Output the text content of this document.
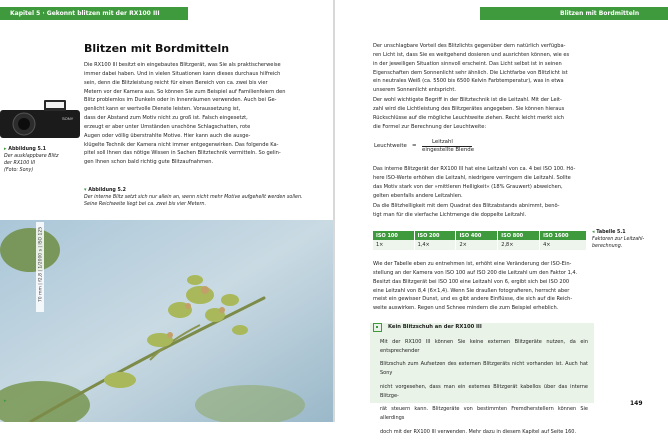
Kapitel 5 · Gekonnt blitzen mit der RX100 III
Blitzen mit Bordmitteln

Die RX100 III besitzt ein eingebautes Blitzgerät, was Sie als praktischerweise

immer dabei haben. Und in vielen Situationen kann dieses durchaus hilfreich

sein, denn die Blitzleistung reicht für einen Bereich von ca. zwei bis vier

Metern vor der Kamera aus. So können Sie zum Beispiel auf Familienfeiern den

Blitz problemlos im Dunkeln oder in Innenräumen verwenden. Auch bei Ge-

genlicht kann er wertvolle Dienste leisten. Voraussetzung ist,

dass der Abstand zum Motiv nicht zu groß ist. Falsch eingesetzt,

erzeugt er aber unter Umständen unschöne Schlagschatten, rote

Augen oder völlig überstrahlte Motive. Hier kann auch die ausge-

klügelte Technik der Kamera nicht immer entgegenwirken. Das folgende Ka-

pitel soll Ihnen das nötige Wissen in Sachen Blitztechnik vermitteln. So gelin-

gen Ihnen schon bald richtig gute Blitzaufnahmen.

SONY
▸ Abbildung 5.1
Der ausklappbare Blitz
der RX100 III
(Foto: Sony)
▾ Abbildung 5.2
Der interne Blitz setzt sich nur allein an, wenn nicht mehr Motive aufgehellt werden sollen.
Seine Reichweite liegt bei ca. zwei bis vier Metern.
70 mm | f2,8 | 1/2000 s | ISO 125
▸
Blitzen mit Bordmitteln

Der unschlagbare Vorteil des Blitzlichts gegenüber dem natürlich verfügba-

ren Licht ist, dass Sie es weitgehend dosieren und ausrichten können, wie es

in der jeweiligen Situation sinnvoll erscheint. Das Licht selbst ist in seinen

Eigenschaften dem Sonnenlicht sehr ähnlich. Die Lichtfarbe von Blitzlicht ist

ein neutrales Weiß (ca. 5500 bis 6500 Kelvin Farbtemperatur), was in etwa

unserem Sonnenlicht entspricht.

Der wohl wichtigste Begriff in der Blitztechnik ist die Leitzahl. Mit der Leit-

zahl wird die Lichtleistung des Blitzgerätes angegeben. Sie können hieraus

Rückschlüsse auf die mögliche Leuchtweite ziehen. Recht leicht merkt sich

die Formel zur Berechnung der Leuchtweite:

Leuchtweite =
Leitzahl
eingestellte Blende

Das interne Blitzgerät der RX100 III hat eine Leitzahl von ca. 4 bei ISO 100. Hö-

here ISO-Werte erhöhen die Leitzahl, niedrigere verringern die Leitzahl. Sollte

das Motiv stark von der »mittleren Helligkeit« (18% Grauwert) abweichen,

gelten ebenfalls andere Leitzahlen.

Da die Blitzhelligkeit mit dem Quadrat des Blitzabstands abnimmt, benö-

tigt man für die vierfache Lichtmenge die doppelte Leitzahl.

ISO 100	ISO 200	ISO 400	ISO 800	ISO 1600
1×	1,4×	2×	2,8×	4×
◂ Tabelle 5.1
Faktoren zur Leitzahl-
berechnung.

Wie der Tabelle eben zu entnehmen ist, erhöht eine Veränderung der ISO-Ein-

stellung an der Kamera von ISO 100 auf ISO 200 die Leitzahl um den Faktor 1,4.

Besitzt das Blitzgerät bei ISO 100 eine Leitzahl von 6, ergibt sich bei ISO 200

eine Leitzahl von 8,4 (6×1,4). Wenn Sie draußen fotografieren, herrscht aber

meist ein gewisser Dunst, und es gibt andere Einflüsse, die sich auf die Reich-

weite auswirken. Regen und Schnee mindern die zum Beispiel erheblich.

Kein Blitzschuh an der RX100 III

Mit der RX100 III können Sie keine externen Blitzgeräte nutzen, da ein entsprechender

Blitzschuh zum Aufsetzen des externen Blitzgeräts nicht vorhanden ist. Auch hat Sony

nicht vorgesehen, dass man ein externes Blitzgerät kabellos über das interne Blitzge-

rät steuern kann. Blitzgeräte von bestimmten Fremdherstellern können Sie allerdings

doch mit der RX100 III verwenden. Mehr dazu in diesem Kapitel auf Seite 160.

149
